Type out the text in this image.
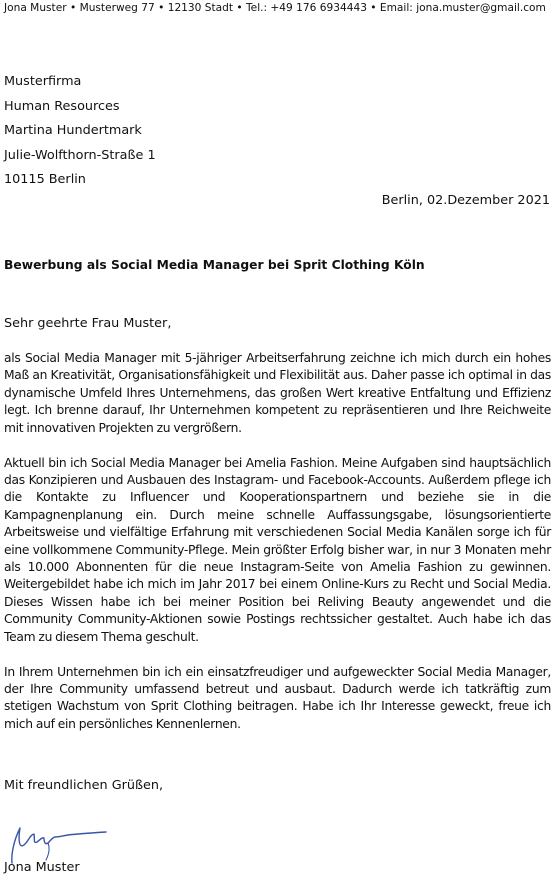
Jona Muster • Musterweg 77 • 12130 Stadt • Tel.: +49 176 6934443 • Email: jona.muster@gmail.com
Musterfirma
Human Resources
Martina Hundertmark
Julie-Wolfthorn-Straße 1
10115 Berlin
Berlin, 02.Dezember 2021
Bewerbung als Social Media Manager bei Sprit Clothing Köln
Sehr geehrte Frau Muster,

als Social Media Manager mit 5-jähriger Arbeitserfahrung zeichne ich mich durch ein hohes Maß an Kreativität, Organisationsfähigkeit und Flexibilität aus. Daher passe ich optimal in das dynamische Umfeld Ihres Unternehmens, das großen Wert kreative Entfaltung und Effizienz legt. Ich brenne darauf, Ihr Unternehmen kompetent zu repräsentieren und Ihre Reichweite mit innovativen Projekten zu vergrößern.

Aktuell bin ich Social Media Manager bei Amelia Fashion. Meine Aufgaben sind hauptsächlich das Konzipieren und Ausbauen des Instagram- und Facebook-Accounts. Außerdem pflege ich die Kontakte zu Influencer und Kooperationspartnern und beziehe sie in die Kampagnenplanung ein. Durch meine schnelle Auffassungsgabe, lösungsorientierte Arbeitsweise und vielfältige Erfahrung mit verschiedenen Social Media Kanälen sorge ich für eine vollkommene Community-Pflege. Mein größter Erfolg bisher war, in nur 3 Monaten mehr als 10.000 Abonnenten für die neue Instagram-Seite von Amelia Fashion zu gewinnen. Weitergebildet habe ich mich im Jahr 2017 bei einem Online-Kurs zu Recht und Social Media. Dieses Wissen habe ich bei meiner Position bei Reliving Beauty angewendet und die Community Community-Aktionen sowie Postings rechtssicher gestaltet. Auch habe ich das Team zu diesem Thema geschult.

In Ihrem Unternehmen bin ich ein einsatzfreudiger und aufgeweckter Social Media Manager, der Ihre Community umfassend betreut und ausbaut. Dadurch werde ich tatkräftig zum stetigen Wachstum von Sprit Clothing beitragen. Habe ich Ihr Interesse geweckt, freue ich mich auf ein persönliches Kennenlernen.

Mit freundlichen Grüßen,
Jona Muster
